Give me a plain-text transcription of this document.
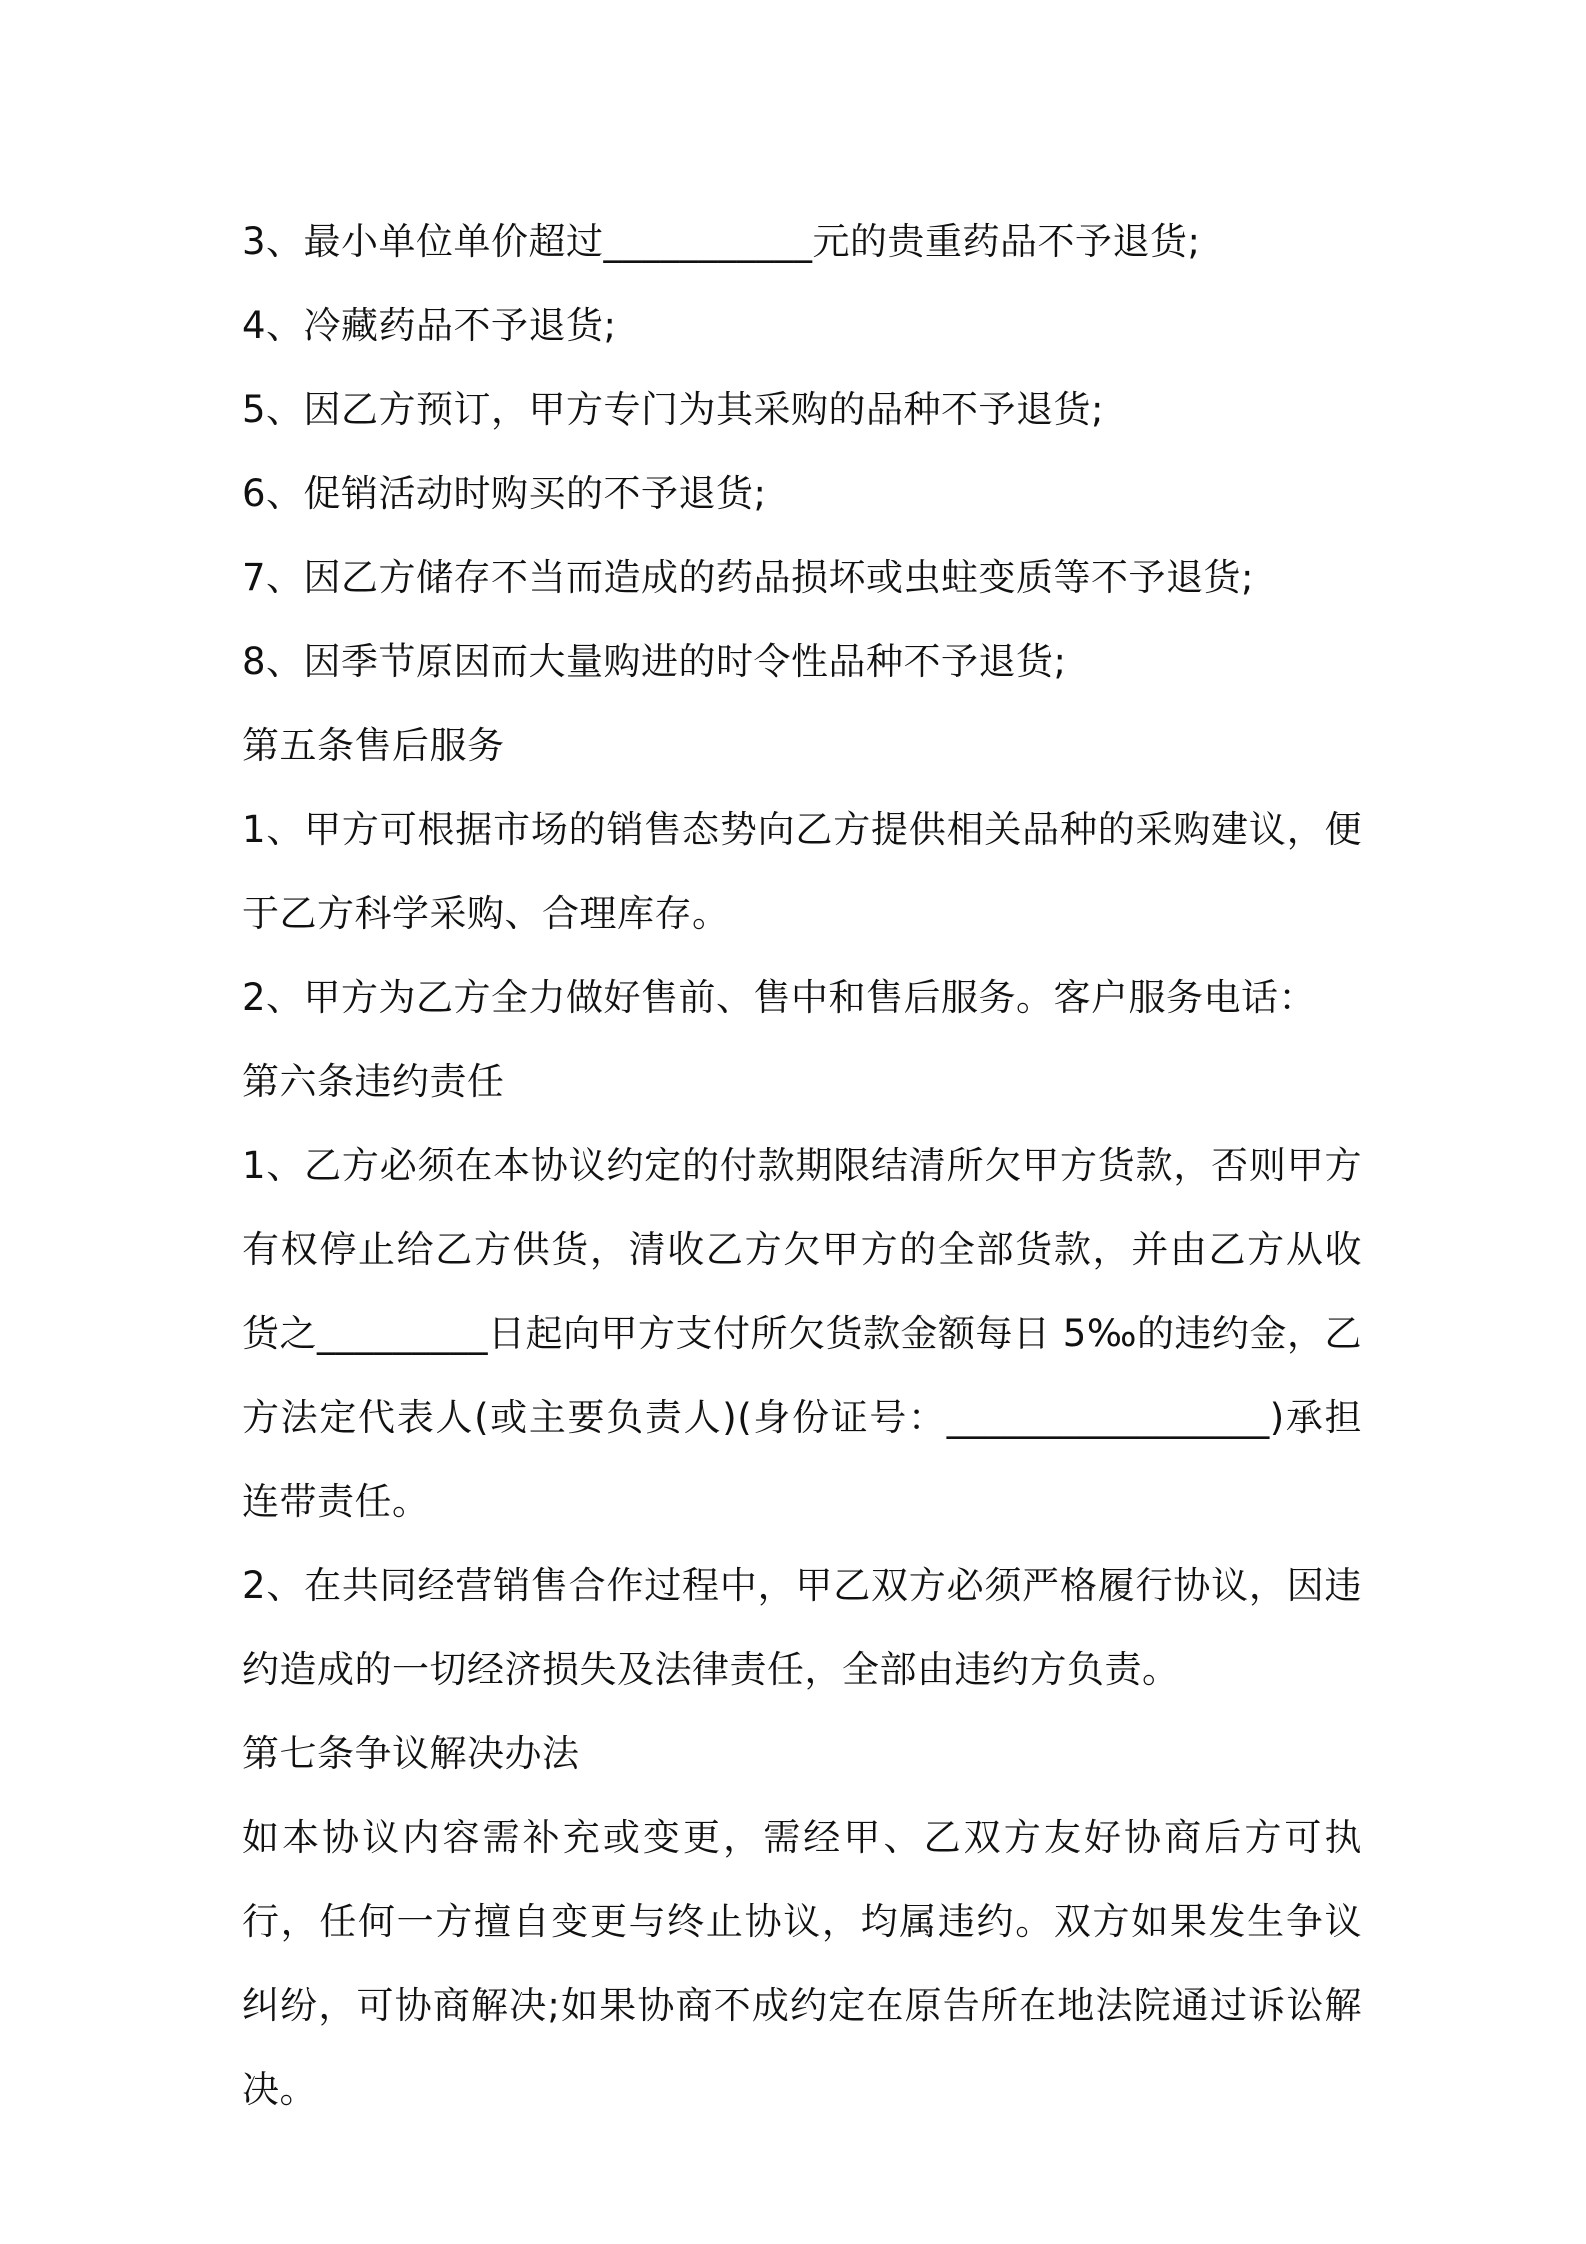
3、最小单位单价超过___________元的贵重药品不予退货;

4、冷藏药品不予退货;

5、因乙方预订，甲方专门为其采购的品种不予退货;

6、促销活动时购买的不予退货;

7、因乙方储存不当而造成的药品损坏或虫蛀变质等不予退货;

8、因季节原因而大量购进的时令性品种不予退货;

第五条售后服务

1、甲方可根据市场的销售态势向乙方提供相关品种的采购建议，便于乙方科学采购、合理库存。

2、甲方为乙方全力做好售前、售中和售后服务。客户服务电话：

第六条违约责任

1、乙方必须在本协议约定的付款期限结清所欠甲方货款，否则甲方有权停止给乙方供货，清收乙方欠甲方的全部货款，并由乙方从收货之_________日起向甲方支付所欠货款金额每日 5‰的违约金，乙方法定代表人(或主要负责人)(身份证号：_________________)承担连带责任。

2、在共同经营销售合作过程中，甲乙双方必须严格履行协议，因违约造成的一切经济损失及法律责任，全部由违约方负责。

第七条争议解决办法

如本协议内容需补充或变更，需经甲、乙双方友好协商后方可执行，任何一方擅自变更与终止协议，均属违约。双方如果发生争议纠纷，可协商解决;如果协商不成约定在原告所在地法院通过诉讼解决。
